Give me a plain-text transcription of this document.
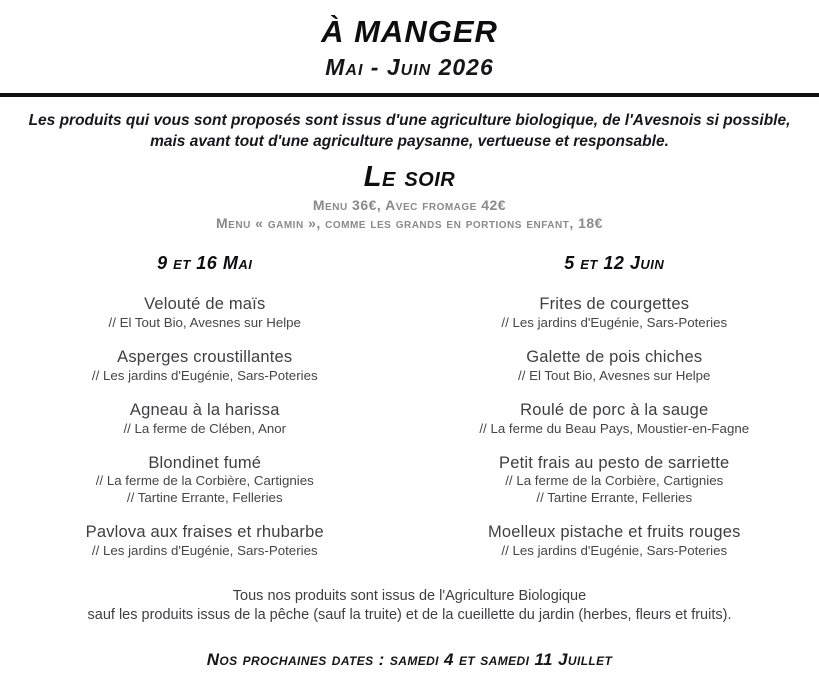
À MANGER
Mai - Juin 2026
Les produits qui vous sont proposés sont issus d'une agriculture biologique, de l'Avesnois si possible, mais avant tout d'une agriculture paysanne, vertueuse et responsable.
Le soir
Menu 36€, Avec fromage 42€
Menu « gamin », comme les grands en portions enfant, 18€
9 et 16 Mai
Velouté de maïs
// El Tout Bio, Avesnes sur Helpe
Asperges croustillantes
// Les jardins d'Eugénie, Sars-Poteries
Agneau à la harissa
// La ferme de Clében, Anor
Blondinet fumé
// La ferme de la Corbière, Cartignies
// Tartine Errante, Felleries
Pavlova aux fraises et rhubarbe
// Les jardins d'Eugénie, Sars-Poteries
5 et 12 Juin
Frites de courgettes
// Les jardins d'Eugénie, Sars-Poteries
Galette de pois chiches
// El Tout Bio, Avesnes sur Helpe
Roulé de porc à la sauge
// La ferme du Beau Pays, Moustier-en-Fagne
Petit frais au pesto de sarriette
// La ferme de la Corbière, Cartignies
// Tartine Errante, Felleries
Moelleux pistache et fruits rouges
// Les jardins d'Eugénie, Sars-Poteries
Tous nos produits sont issus de l'Agriculture Biologique
sauf les produits issus de la pêche (sauf la truite) et de la cueillette du jardin (herbes, fleurs et fruits).
Nos prochaines dates : samedi 4 et samedi 11 Juillet
